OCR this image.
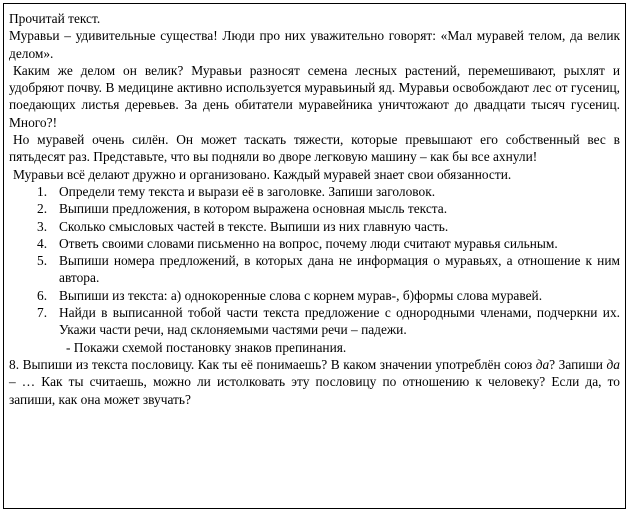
Прочитай текст.

Муравьи – удивительные существа! Люди про них уважительно говорят: «Мал муравей телом, да велик делом».

Каким же делом он велик? Муравьи разносят семена лесных растений, перемешивают, рыхлят и удобряют почву. В медицине активно используется муравьиный яд. Муравьи освобождают лес от гусениц, поедающих листья деревьев. За день обитатели муравейника уничтожают до двадцати тысяч гусениц. Много?!

Но муравей очень силён. Он может таскать тяжести, которые превышают его собственный вес в пятьдесят раз. Представьте, что вы подняли во дворе легковую машину – как бы все ахнули!

Муравьи всё делают дружно и организовано. Каждый муравей знает свои обязанности.

1. Определи тему текста и вырази её в заголовке. Запиши заголовок.
2. Выпиши предложения, в котором выражена основная мысль текста.
3. Сколько смысловых частей в тексте. Выпиши из них главную часть.
4. Ответь своими словами письменно на вопрос, почему люди считают муравья сильным.
5. Выпиши номера предложений, в которых дана не информация о муравьях, а отношение к ним автора.
6. Выпиши из текста: а) однокоренные слова с корнем мурав-, б)формы слова муравей.
7. Найди в выписанной тобой части текста предложение с однородными членами, подчеркни их. Укажи части речи, над склоняемыми частями речи – падежи.

- Покажи схемой постановку знаков препинания.

8. Выпиши из текста пословицу. Как ты её понимаешь? В каком значении употреблён союз да? Запиши да – … Как ты считаешь, можно ли истолковать эту пословицу по отношению к человеку? Если да, то запиши, как она может звучать?
